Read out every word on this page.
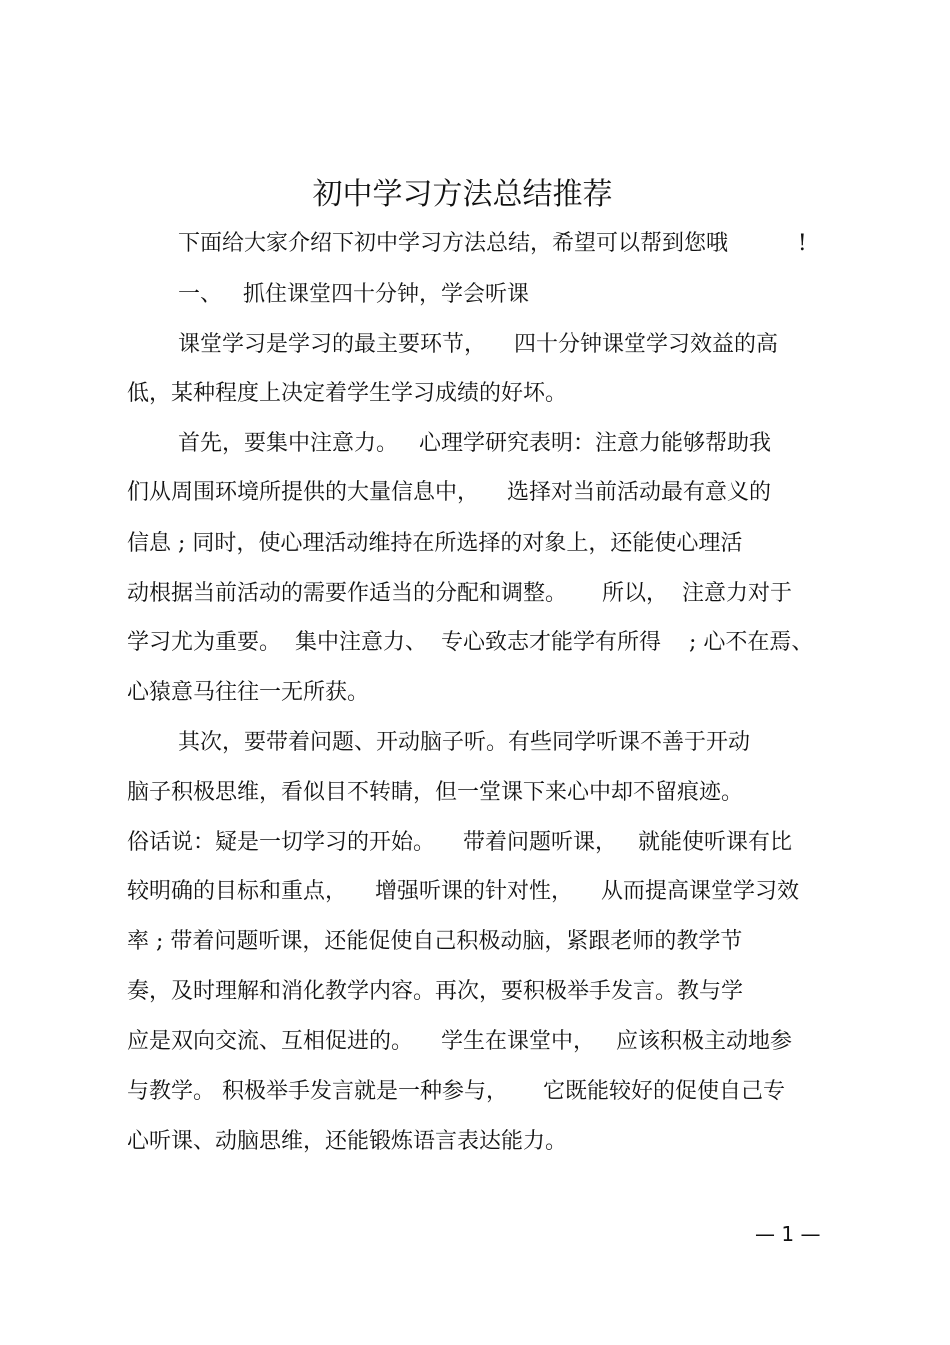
初中学习方法总结推荐
下面给大家介绍下初中学习方法总结，希望可以帮到您哦          !
一、   抓住课堂四十分钟，学会听课
课堂学习是学习的最主要环节，    四十分钟课堂学习效益的高
低，某种程度上决定着学生学习成绩的好坏。
首先，要集中注意力。   心理学研究表明：注意力能够帮助我
们从周围环境所提供的大量信息中，    选择对当前活动最有意义的
信息 ; 同时，使心理活动维持在所选择的对象上，还能使心理活
动根据当前活动的需要作适当的分配和调整。     所以，  注意力对于
学习尤为重要。  集中注意力、  专心致志才能学有所得    ; 心不在焉、
心猿意马往往一无所获。
其次，要带着问题、开动脑子听。有些同学听课不善于开动
脑子积极思维，看似目不转睛，但一堂课下来心中却不留痕迹。
俗话说：疑是一切学习的开始。    带着问题听课，   就能使听课有比
较明确的目标和重点，    增强听课的针对性，    从而提高课堂学习效
率 ; 带着问题听课，还能促使自己积极动脑，紧跟老师的教学节
奏，及时理解和消化教学内容。再次，要积极举手发言。教与学
应是双向交流、互相促进的。    学生在课堂中，   应该积极主动地参
与教学。 积极举手发言就是一种参与，     它既能较好的促使自己专
心听课、动脑思维，还能锻炼语言表达能力。
— 1 —
